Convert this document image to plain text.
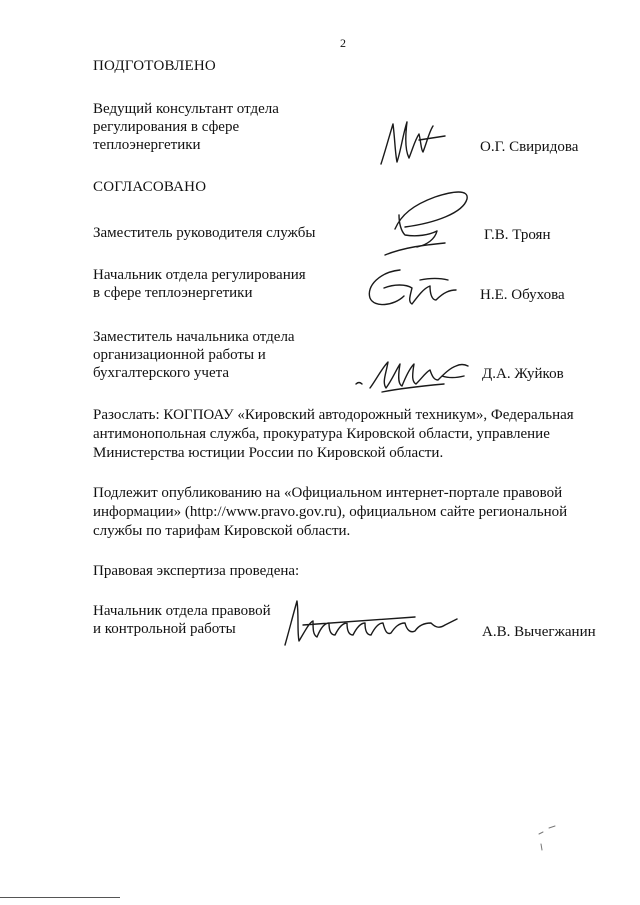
2
ПОДГОТОВЛЕНО
Ведущий консультант отдела
регулирования в сфере
теплоэнергетики	О.Г. Свиридова
СОГЛАСОВАНО
Заместитель руководителя службы	Г.В. Троян
Начальник отдела регулирования
в сфере теплоэнергетики	Н.Е. Обухова
Заместитель начальника отдела
организационной работы и
бухгалтерского учета	Д.А. Жуйков
Разослать: КОГПОАУ «Кировский автодорожный техникум», Федеральная
антимонопольная служба, прокуратура Кировской области, управление
Министерства юстиции России по Кировской области.
Подлежит опубликованию на «Официальном интернет-портале правовой
информации» (http://www.pravo.gov.ru), официальном сайте региональной
службы по тарифам Кировской области.
Правовая экспертиза проведена:
Начальник отдела правовой
и контрольной работы	А.В. Вычегжанин
